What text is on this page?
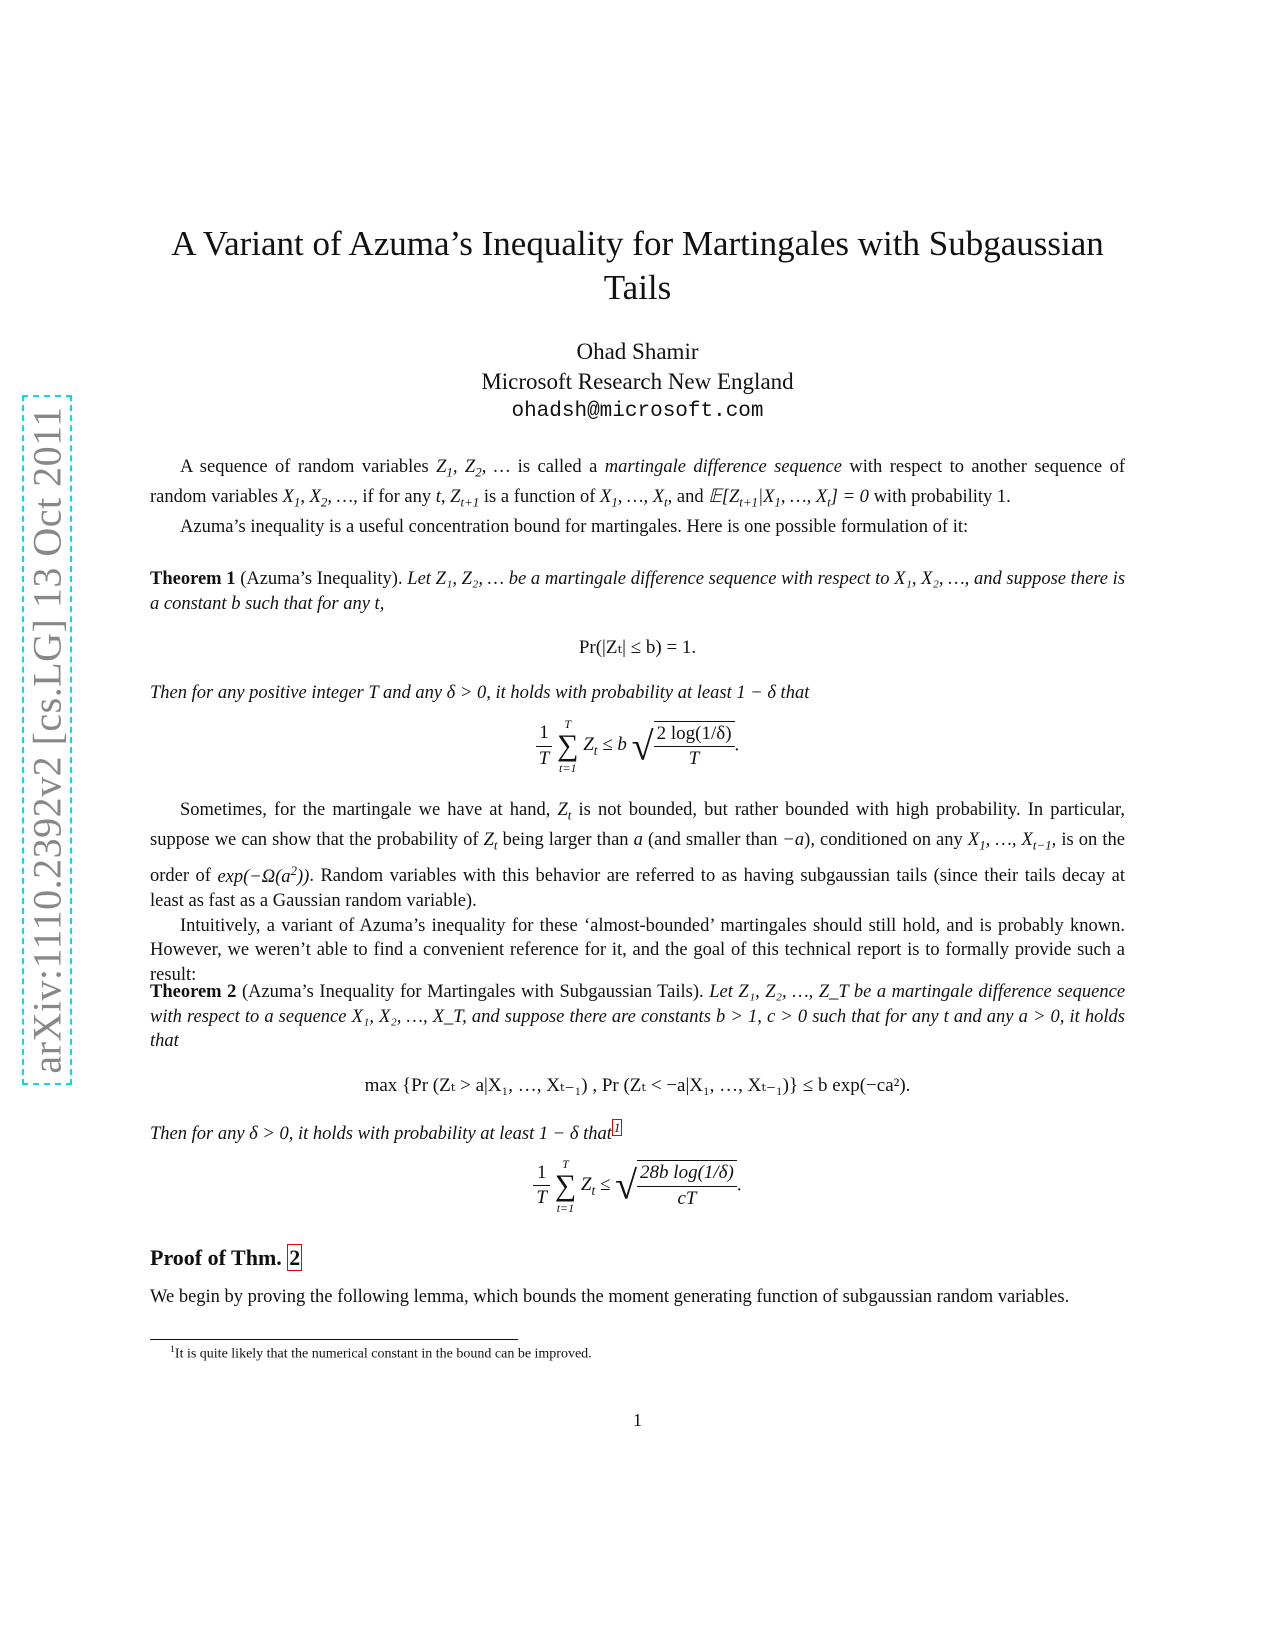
arXiv:1110.2392v2 [cs.LG] 13 Oct 2011
A Variant of Azuma’s Inequality for Martingales with Subgaussian Tails
Ohad Shamir
Microsoft Research New England
ohadsh@microsoft.com

A sequence of random variables $Z_1$, $Z_2$, … is called a martingale difference sequence with respect to another sequence of random variables $X_1$, $X_2$, …, if for any t, $Z_{t+1}$ is a function of $X_1$, …, $X_t$, and $𝔼[Z_{t+1}|X_1$, …, $X_t] = 0$ with probability 1.

Azuma’s inequality is a useful concentration bound for martingales. Here is one possible formulation of it:

Theorem 1 (Azuma’s Inequality). Let Z₁, Z₂, … be a martingale difference sequence with respect to X₁, X₂, …, and suppose there is a constant b such that for any t,

Pr(|Zₜ| ≤ b) = 1.

Then for any positive integer T and any δ > 0, it holds with probability at least 1 − δ that

$\frac{1}{T}$
	T
∑
t=1
$Z_t \le b$ √ $\frac{2 \log(1/\delta)}{T}$ .

Sometimes, for the martingale we have at hand, $Z_t$ is not bounded, but rather bounded with high probability. In particular, suppose we can show that the probability of $Z_t$ being larger than a (and smaller than −a), conditioned on any $X_1$, …, $X_{t-1}$, is on the order of $\exp(-\Omega(a^2))$. Random variables with this behavior are referred to as having subgaussian tails (since their tails decay at least as fast as a Gaussian random variable).

Intuitively, a variant of Azuma’s inequality for these ‘almost-bounded’ martingales should still hold, and is probably known. However, we weren’t able to find a convenient reference for it, and the goal of this technical report is to formally provide such a result:

Theorem 2 (Azuma’s Inequality for Martingales with Subgaussian Tails). Let Z₁, Z₂, …, Z_T be a martingale difference sequence with respect to a sequence X₁, X₂, …, X_T, and suppose there are constants b > 1, c > 0 such that for any t and any a > 0, it holds that

max {Pr (Zₜ > a|X₁, …, Xₜ₋₁) , Pr (Zₜ < −a|X₁, …, Xₜ₋₁)} ≤ b exp(−ca²).

Then for any δ > 0, it holds with probability at least 1 − δ that $^1$

$\frac{1}{T}$
	T
∑
t=1
$Z_t$ ≤ √ $\frac{\text{28b log(1/δ)}}{cT}$ .
Proof of Thm. 2
We begin by proving the following lemma, which bounds the moment generating function of subgaussian random variables.
$^1$It is quite likely that the numerical constant in the bound can be improved.
1
